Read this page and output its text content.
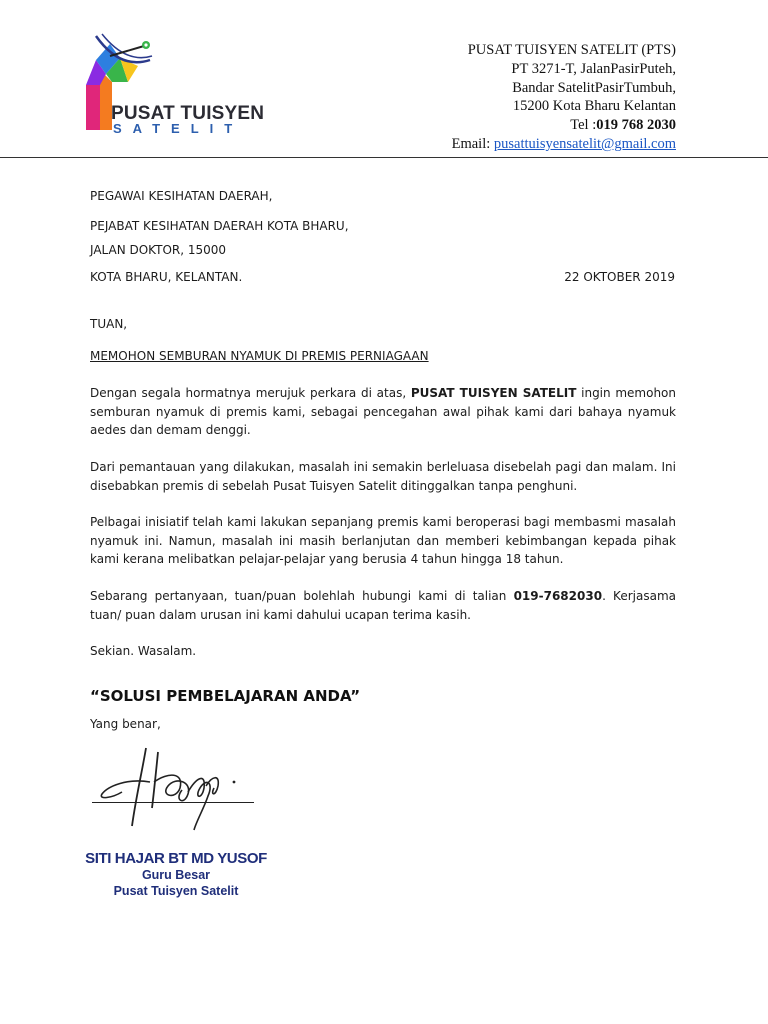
PUSAT TUISYEN
SATELIT
PUSAT TUISYEN SATELIT (PTS)
PT 3271-T, JalanPasirPuteh,
Bandar SatelitPasirTumbuh,
15200 Kota Bharu Kelantan
Tel :019 768 2030
Email: pusattuisyensatelit@gmail.com
PEGAWAI KESIHATAN DAERAH,
PEJABAT KESIHATAN DAERAH KOTA BHARU,
JALAN DOKTOR, 15000
KOTA BHARU, KELANTAN.	22 OKTOBER 2019
TUAN,
MEMOHON SEMBURAN NYAMUK DI PREMIS PERNIAGAAN
Dengan segala hormatnya merujuk perkara di atas, PUSAT TUISYEN SATELIT ingin memohon semburan nyamuk di premis kami, sebagai pencegahan awal pihak kami dari bahaya nyamuk aedes dan demam denggi.
Dari pemantauan yang dilakukan, masalah ini semakin berleluasa disebelah pagi dan malam. Ini disebabkan premis di sebelah Pusat Tuisyen Satelit ditinggalkan tanpa penghuni.
Pelbagai inisiatif telah kami lakukan sepanjang premis kami beroperasi bagi membasmi masalah nyamuk ini. Namun, masalah ini masih berlanjutan dan memberi kebimbangan kepada pihak kami kerana melibatkan pelajar-pelajar yang berusia 4 tahun hingga 18 tahun.
Sebarang pertanyaan, tuan/puan bolehlah hubungi kami di talian 019-7682030. Kerjasama tuan/ puan dalam urusan ini kami dahului ucapan terima kasih.
Sekian. Wasalam.
“SOLUSI PEMBELAJARAN ANDA”
Yang benar,
SITI HAJAR BT MD YUSOF
Guru Besar
Pusat Tuisyen Satelit
